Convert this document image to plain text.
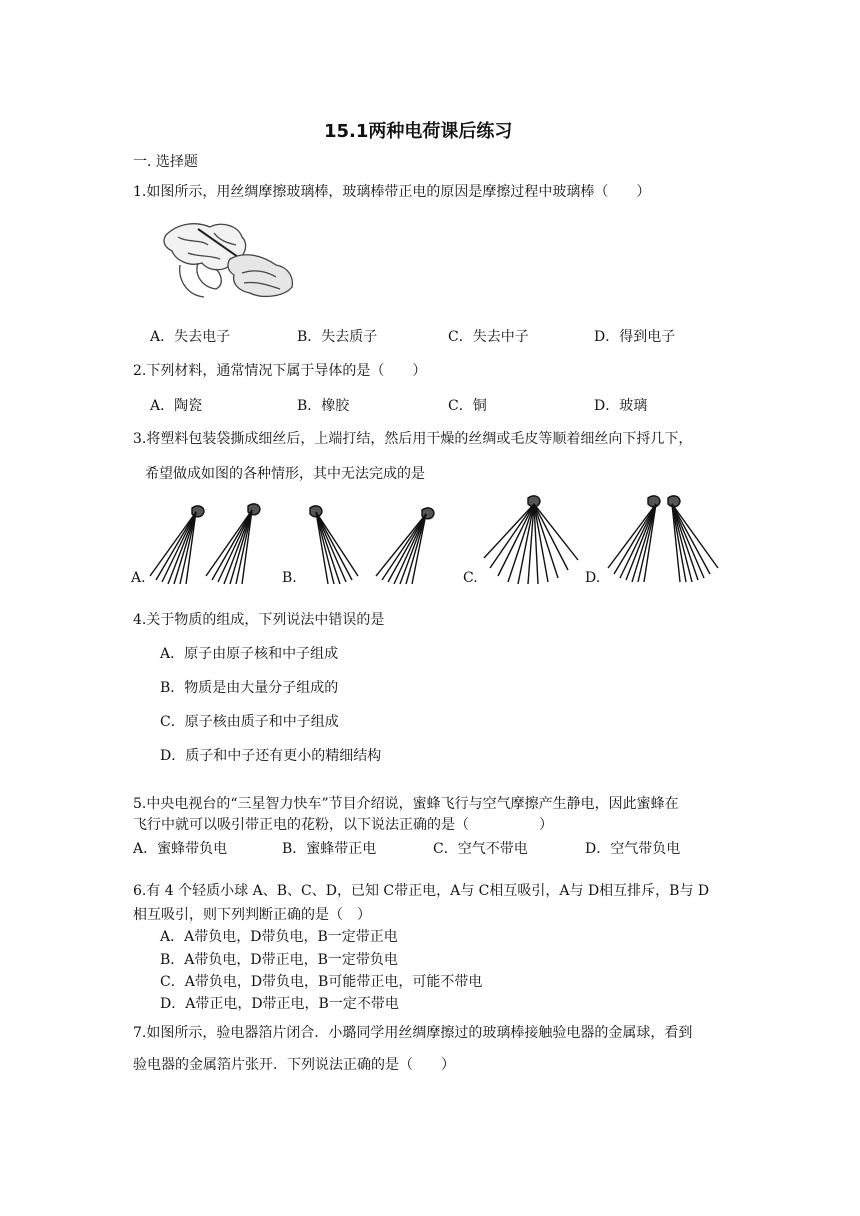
15.1两种电荷课后练习
一. 选择题
1.如图所示，用丝绸摩擦玻璃棒，玻璃棒带正电的原因是摩擦过程中玻璃棒（　　）
A．失去电子	B．失去质子	C．失去中子	D．得到电子
2.下列材料，通常情况下属于导体的是（　　）
A．陶瓷	B．橡胶	C．铜	D．玻璃
3.将塑料包装袋撕成细丝后，上端打结，然后用干燥的丝绸或毛皮等顺着细丝向下捋几下，
希望做成如图的各种情形，其中无法完成的是
A.	B.	C.	D.
4.关于物质的组成，下列说法中错误的是
A．原子由原子核和中子组成
B．物质是由大量分子组成的
C．原子核由质子和中子组成
D．质子和中子还有更小的精细结构
5.中央电视台的“三星智力快车”节目介绍说，蜜蜂飞行与空气摩擦产生静电，因此蜜蜂在
飞行中就可以吸引带正电的花粉，以下说法正确的是（　　　　　）
A．蜜蜂带负电	B．蜜蜂带正电	C．空气不带电	D．空气带负电
6.有 4 个轻质小球 A、B、C、D，已知 C带正电，A与 C相互吸引，A与 D相互排斥，B与 D
相互吸引，则下列判断正确的是（　）
A．A带负电，D带负电，B一定带正电
B．A带负电，D带正电，B一定带负电
C．A带负电，D带负电，B可能带正电，可能不带电
D．A带正电，D带正电，B一定不带电
7.如图所示，验电器箔片闭合．小璐同学用丝绸摩擦过的玻璃棒接触验电器的金属球，看到
验电器的金属箔片张开．下列说法正确的是（　　）
